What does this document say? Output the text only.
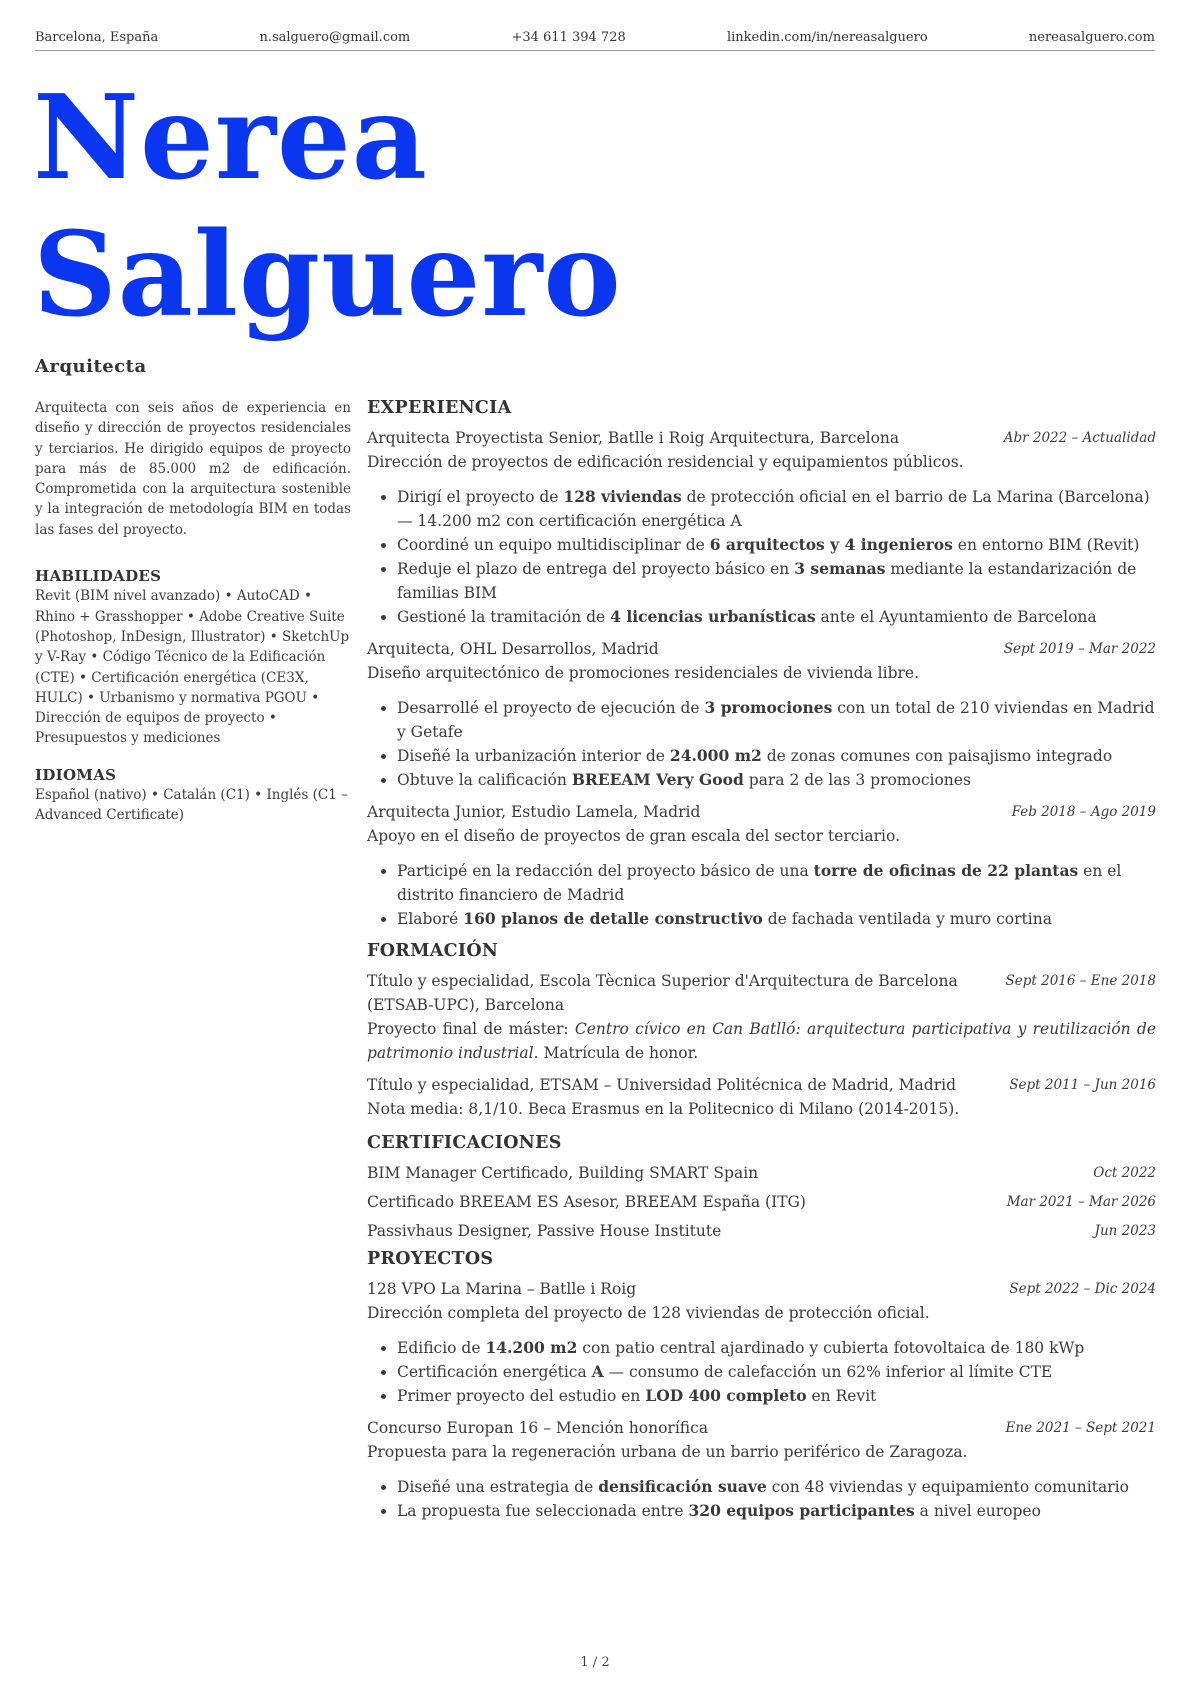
Barcelona, España	n.salguero@gmail.com	+34 611 394 728	linkedin.com/in/nereasalguero	nereasalguero.com
Nerea
Salguero
Arquitecta

Arquitecta con seis años de experiencia en diseño y dirección de proyectos residenciales y terciarios. He dirigido equipos de proyecto para más de 85.000 m2 de edificación. Comprometida con la arquitectura sostenible y la integración de metodología BIM en todas las fases del proyecto.

HABILIDADES

Revit (BIM nivel avanzado) • AutoCAD • Rhino + Grasshopper • Adobe Creative Suite (Photoshop, InDesign, Illustrator) • SketchUp y V-Ray • Código Técnico de la Edificación (CTE) • Certificación energética (CE3X, HULC) • Urbanismo y normativa PGOU • Dirección de equipos de proyecto • Presupuestos y mediciones

IDIOMAS

Español (nativo) • Catalán (C1) • Inglés (C1 – Advanced Certificate)

EXPERIENCIA
Arquitecta Proyectista Senior, Batlle i Roig Arquitectura, Barcelona	Abr 2022 – Actualidad

Dirección de proyectos de edificación residencial y equipamientos públicos.

• Dirigí el proyecto de 128 viviendas de protección oficial en el barrio de La Marina (Barcelona) — 14.200 m2 con certificación energética A
• Coordiné un equipo multidisciplinar de 6 arquitectos y 4 ingenieros en entorno BIM (Revit)
• Reduje el plazo de entrega del proyecto básico en 3 semanas mediante la estandarización de familias BIM
• Gestioné la tramitación de 4 licencias urbanísticas ante el Ayuntamiento de Barcelona
Arquitecta, OHL Desarrollos, Madrid	Sept 2019 – Mar 2022

Diseño arquitectónico de promociones residenciales de vivienda libre.

• Desarrollé el proyecto de ejecución de 3 promociones con un total de 210 viviendas en Madrid y Getafe
• Diseñé la urbanización interior de 24.000 m2 de zonas comunes con paisajismo integrado
• Obtuve la calificación BREEAM Very Good para 2 de las 3 promociones
Arquitecta Junior, Estudio Lamela, Madrid	Feb 2018 – Ago 2019

Apoyo en el diseño de proyectos de gran escala del sector terciario.

• Participé en la redacción del proyecto básico de una torre de oficinas de 22 plantas en el distrito financiero de Madrid
• Elaboré 160 planos de detalle constructivo de fachada ventilada y muro cortina
FORMACIÓN
Título y especialidad, Escola Tècnica Superior d'Arquitectura de Barcelona (ETSAB-UPC), Barcelona
Sept 2016 – Ene 2018

Proyecto final de máster: Centro cívico en Can Batlló: arquitectura participativa y reutilización de patrimonio industrial. Matrícula de honor.

Título y especialidad, ETSAM – Universidad Politécnica de Madrid, Madrid	Sept 2011 – Jun 2016

Nota media: 8,1/10. Beca Erasmus en la Politecnico di Milano (2014-2015).

CERTIFICACIONES
BIM Manager Certificado, Building SMART Spain	Oct 2022
Certificado BREEAM ES Asesor, BREEAM España (ITG)	Mar 2021 – Mar 2026
Passivhaus Designer, Passive House Institute	Jun 2023
PROYECTOS
128 VPO La Marina – Batlle i Roig	Sept 2022 – Dic 2024

Dirección completa del proyecto de 128 viviendas de protección oficial.

• Edificio de 14.200 m2 con patio central ajardinado y cubierta fotovoltaica de 180 kWp
• Certificación energética A — consumo de calefacción un 62% inferior al límite CTE
• Primer proyecto del estudio en LOD 400 completo en Revit
Concurso Europan 16 – Mención honorífica	Ene 2021 – Sept 2021

Propuesta para la regeneración urbana de un barrio periférico de Zaragoza.

• Diseñé una estrategia de densificación suave con 48 viviendas y equipamiento comunitario
• La propuesta fue seleccionada entre 320 equipos participantes a nivel europeo
1 / 2
